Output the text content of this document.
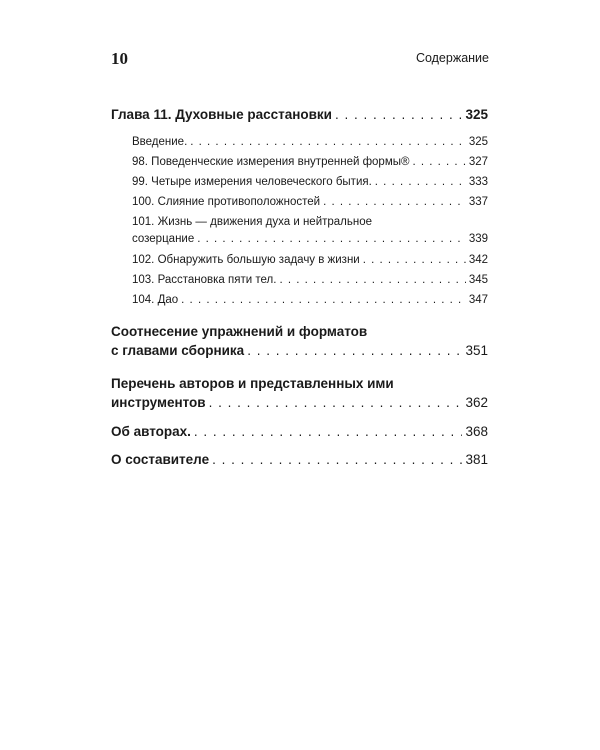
10	Содержание
Глава 11. Духовные расстановки . . .	325
Введение. . . .	325
98. Поведенческие измерения внутренней формы® . . .	327
99. Четыре измерения человеческого бытия. . . .	333
100. Слияние противоположностей . . .	337
101. Жизнь — движения духа и нейтральное
созерцание . . .	339
102. Обнаружить большую задачу в жизни . . .	342
103. Расстановка пяти тел. . . .	345
104. Дао . . .	347
Соотнесение упражнений и форматов
с главами сборника . . .	351
Перечень авторов и представленных ими
инструментов . . .	362
Об авторах. . . .	368
О составителе . . .	381
